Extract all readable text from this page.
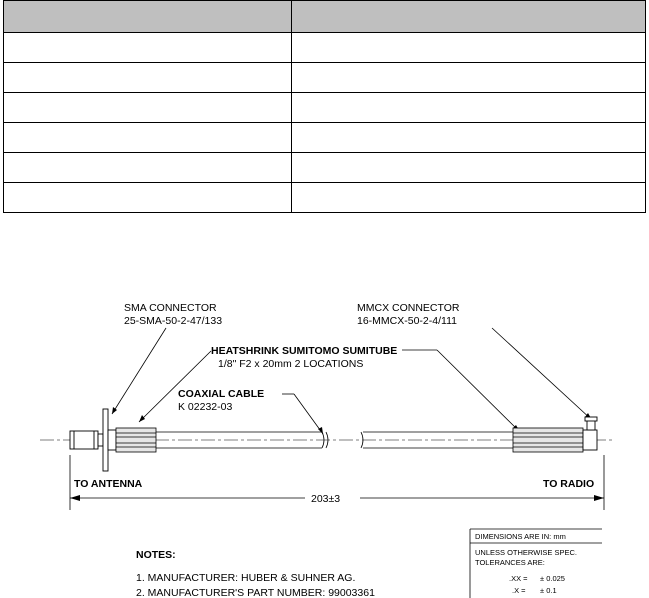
SMA CONNECTOR
25-SMA-50-2-47/133
MMCX CONNECTOR
16-MMCX-50-2-4/111
HEATSHRINK SUMITOMO SUMITUBE
1/8" F2 x 20mm 2 LOCATIONS
COAXIAL CABLE
K 02232-03
TO ANTENNA	TO RADIO
203±3
NOTES:
1. MANUFACTURER: HUBER & SUHNER AG.
2. MANUFACTURER'S PART NUMBER: 99003361
DIMENSIONS ARE IN: mm
UNLESS OTHERWISE SPEC.
TOLERANCES ARE:
.XX = ± 0.025
.X = ± 0.1
